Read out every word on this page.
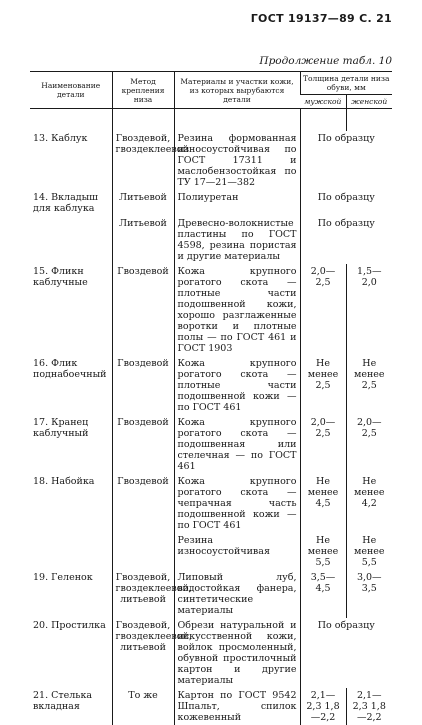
ГОСТ 19137—89 С. 21
Продолжение табл. 10
Наименование детали	Метод крепления низа	Материалы и участки кожи, из которых вырубаются детали	Толщина детали низа обуви, мм	
			мужской	женской

13. Каблук	Гвоздевой, гвоздеклеевой	Резина формованная износоустойчивая по ГОСТ 17311 и маслобензостойкая по ТУ 17—21—382	По образцу	
14. Вкладыш для каблука	Литьевой	Полиуретан	По образцу	
	Литьевой	Древесно-волокнистые пластины по ГОСТ 4598, резина пористая и другие материалы	По образцу	
15. Фликн каблучные	Гвоздевой	Кожа крупного рогатого скота — плотные части подошвенной кожи, хорошо разглаженные воротки и плотные полы — по ГОСТ 461 и ГОСТ 1903	2,0—2,5	1,5—2,0
16. Флик поднабоечный	Гвоздевой	Кожа крупного рогатого скота — плотные части подошвенной кожи — по ГОСТ 461	Не менее 2,5	Не менее 2,5
17. Кранец каблучный	Гвоздевой	Кожа крупного рогатого скота — подошвенная или стелечная — по ГОСТ 461	2,0—2,5	2,0—2,5
18. Набойка	Гвоздевой	Кожа крупного рогатого скота — чепрачная часть подошвенной кожи — по ГОСТ 461	Не менее 4,5	Не менее 4,2
		Резина износоустойчивая	Не менее 5,5	Не менее 5,5
19. Геленок	Гвоздевой, гвоздеклеевой, литьевой	Липовый луб, водостойкая фанера, синтетические материалы	3,5—4,5	3,0—3,5
20. Простилка	Гвоздевой, гвоздеклеевой, литьевой	Обрези натуральной и искусственной кожи, войлок просмоленный, обувной простилочный картон и другие материалы	По образцу	
21. Стелька вкладная	То же	Картон по ГОСТ 9542 Шпальт, спилок кожевенный	2,1—2,3 1,8—2,2	2,1—2,3 1,8—2,2
